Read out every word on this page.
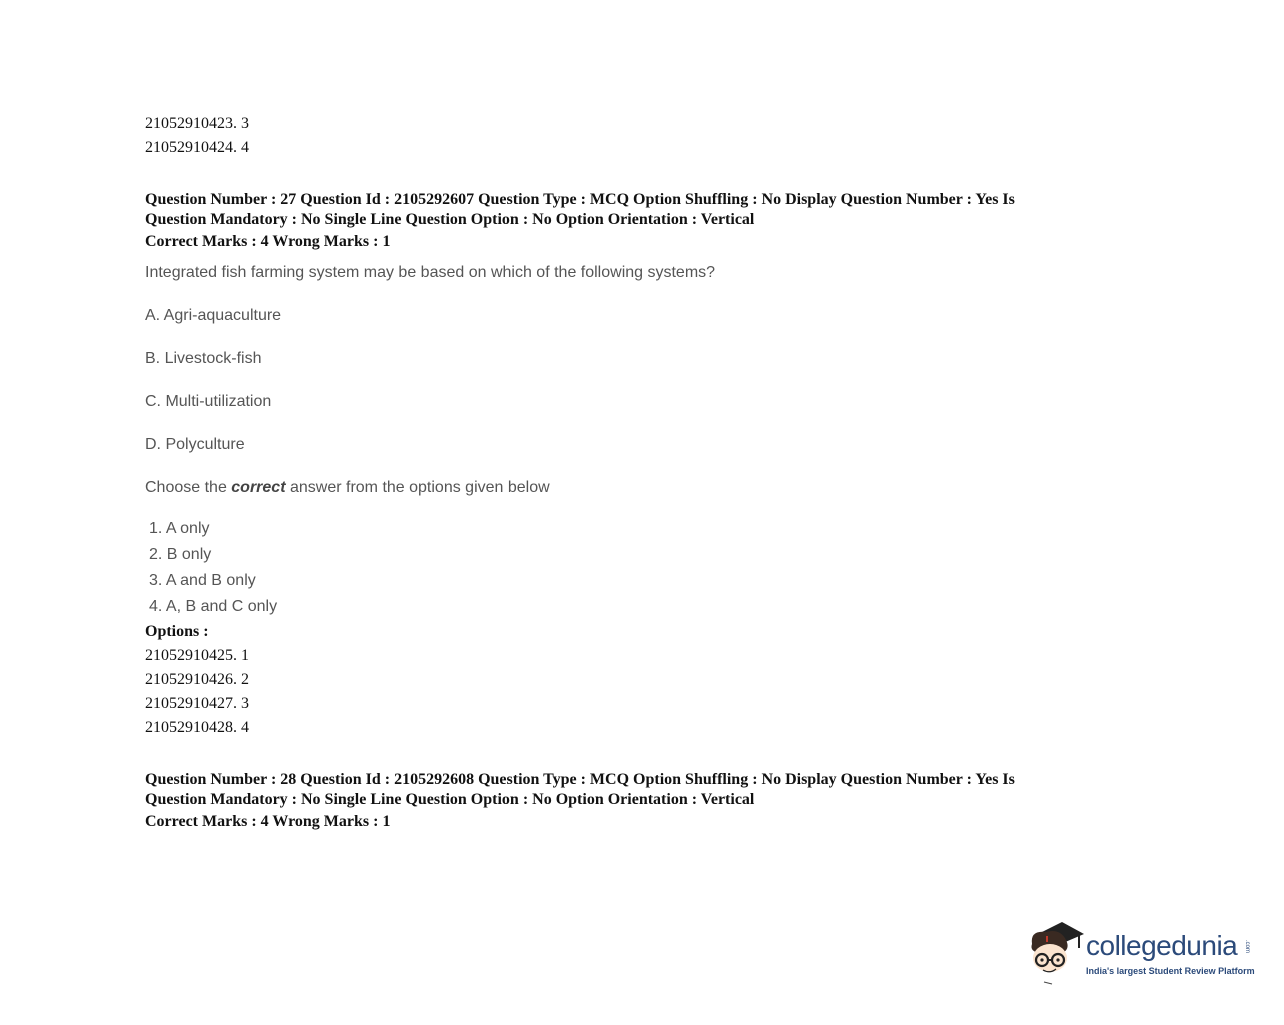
21052910423. 3
21052910424. 4
Question Number : 27 Question Id : 2105292607 Question Type : MCQ Option Shuffling : No Display Question Number : Yes Is
Question Mandatory : No Single Line Question Option : No Option Orientation : Vertical
Correct Marks : 4 Wrong Marks : 1
Integrated fish farming system may be based on which of the following systems?
A. Agri-aquaculture
B. Livestock-fish
C. Multi-utilization
D. Polyculture
Choose the correct answer from the options given below
1. A only
2. B only
3. A and B only
4. A, B and C only
Options :
21052910425. 1
21052910426. 2
21052910427. 3
21052910428. 4
Question Number : 28 Question Id : 2105292608 Question Type : MCQ Option Shuffling : No Display Question Number : Yes Is
Question Mandatory : No Single Line Question Option : No Option Orientation : Vertical
Correct Marks : 4 Wrong Marks : 1
collegedunia .com
India's largest Student Review Platform
